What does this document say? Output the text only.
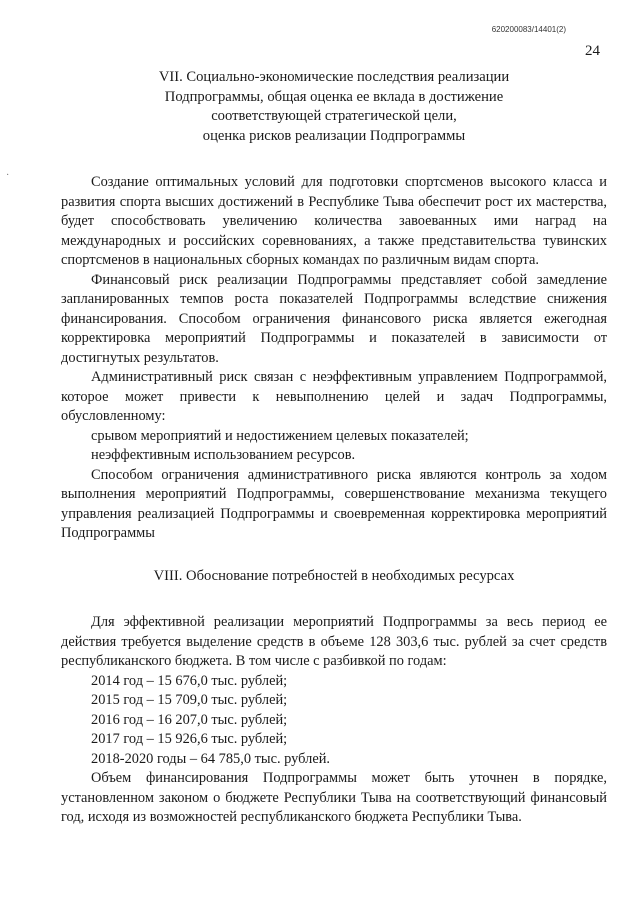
620200083/14401(2)
24
·
VII. Социально-экономические последствия реализации
Подпрограммы, общая оценка ее вклада в достижение
соответствующей стратегической цели,
оценка рисков реализации Подпрограммы

Создание оптимальных условий для подготовки спортсменов высокого класса и развития спорта высших достижений в Республике Тыва обеспечит рост их мастерства, будет способствовать увеличению количества завоеванных ими наград на международных и российских соревнованиях, а также представительства тувинских спортсменов в национальных сборных командах по различным видам спорта.

Финансовый риск реализации Подпрограммы представляет собой замедление запланированных темпов роста показателей Подпрограммы вследствие снижения финансирования. Способом ограничения финансового риска является ежегодная корректировка мероприятий Подпрограммы и показателей в зависимости от достигнутых результатов.

Административный риск связан с неэффективным управлением Подпрограммой, которое может привести к невыполнению целей и задач Подпрограммы, обусловленному:

срывом мероприятий и недостижением целевых показателей;

неэффективным использованием ресурсов.

Способом ограничения административного риска являются контроль за ходом выполнения мероприятий Подпрограммы, совершенствование механизма текущего управления реализацией Подпрограммы и своевременная корректировка мероприятий Подпрограммы

VIII. Обоснование потребностей в необходимых ресурсах

Для эффективной реализации мероприятий Подпрограммы за весь период ее действия требуется выделение средств в объеме 128 303,6 тыс. рублей за счет средств республиканского бюджета. В том числе с разбивкой по годам:

2014 год – 15 676,0 тыс. рублей;

2015 год – 15 709,0 тыс. рублей;

2016 год – 16 207,0 тыс. рублей;

2017 год – 15 926,6 тыс. рублей;

2018-2020 годы – 64 785,0 тыс. рублей.

Объем финансирования Подпрограммы может быть уточнен в порядке, установленном законом о бюджете Республики Тыва на соответствующий финансовый год, исходя из возможностей республиканского бюджета Республики Тыва.
